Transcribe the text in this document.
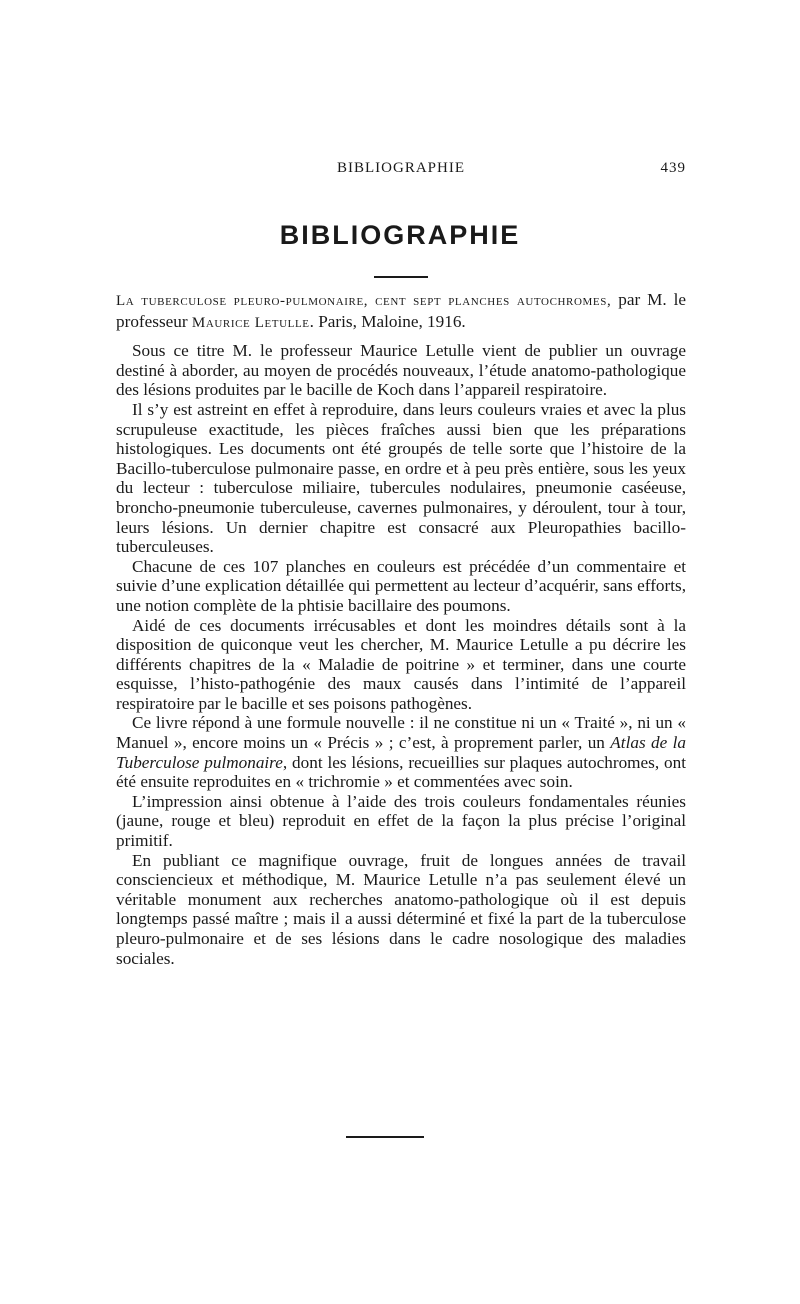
BIBLIOGRAPHIE	439
BIBLIOGRAPHIE

La tuberculose pleuro-pulmonaire, cent sept planches autochromes, par M. le professeur Maurice Letulle. Paris, Maloine, 1916.

Sous ce titre M. le professeur Maurice Letulle vient de publier un ouvrage destiné à aborder, au moyen de procédés nouveaux, l’étude anatomo-pathologique des lésions produites par le bacille de Koch dans l’appareil respiratoire.

Il s’y est astreint en effet à reproduire, dans leurs couleurs vraies et avec la plus scrupuleuse exactitude, les pièces fraîches aussi bien que les préparations histologiques. Les documents ont été groupés de telle sorte que l’histoire de la Bacillo-tuberculose pulmonaire passe, en ordre et à peu près entière, sous les yeux du lecteur : tuberculose miliaire, tubercules nodulaires, pneumonie caséeuse, broncho-pneumonie tuberculeuse, cavernes pulmonaires, y déroulent, tour à tour, leurs lésions. Un dernier chapitre est consacré aux Pleuropathies bacillo-tuberculeuses.

Chacune de ces 107 planches en couleurs est précédée d’un commentaire et suivie d’une explication détaillée qui permettent au lecteur d’acquérir, sans efforts, une notion complète de la phtisie bacillaire des poumons.

Aidé de ces documents irrécusables et dont les moindres détails sont à la disposition de quiconque veut les chercher, M. Maurice Letulle a pu décrire les différents chapitres de la « Maladie de poitrine » et terminer, dans une courte esquisse, l’histo-pathogénie des maux causés dans l’intimité de l’appareil respiratoire par le bacille et ses poisons pathogènes.

Ce livre répond à une formule nouvelle : il ne constitue ni un « Traité », ni un « Manuel », encore moins un « Précis » ; c’est, à proprement parler, un Atlas de la Tuberculose pulmonaire, dont les lésions, recueillies sur plaques autochromes, ont été ensuite reproduites en « trichromie » et commentées avec soin.

L’impression ainsi obtenue à l’aide des trois couleurs fondamentales réunies (jaune, rouge et bleu) reproduit en effet de la façon la plus précise l’original primitif.

En publiant ce magnifique ouvrage, fruit de longues années de travail consciencieux et méthodique, M. Maurice Letulle n’a pas seulement élevé un véritable monument aux recherches anatomo-pathologique où il est depuis longtemps passé maître ; mais il a aussi déterminé et fixé la part de la tuberculose pleuro-pulmonaire et de ses lésions dans le cadre nosologique des maladies sociales.
